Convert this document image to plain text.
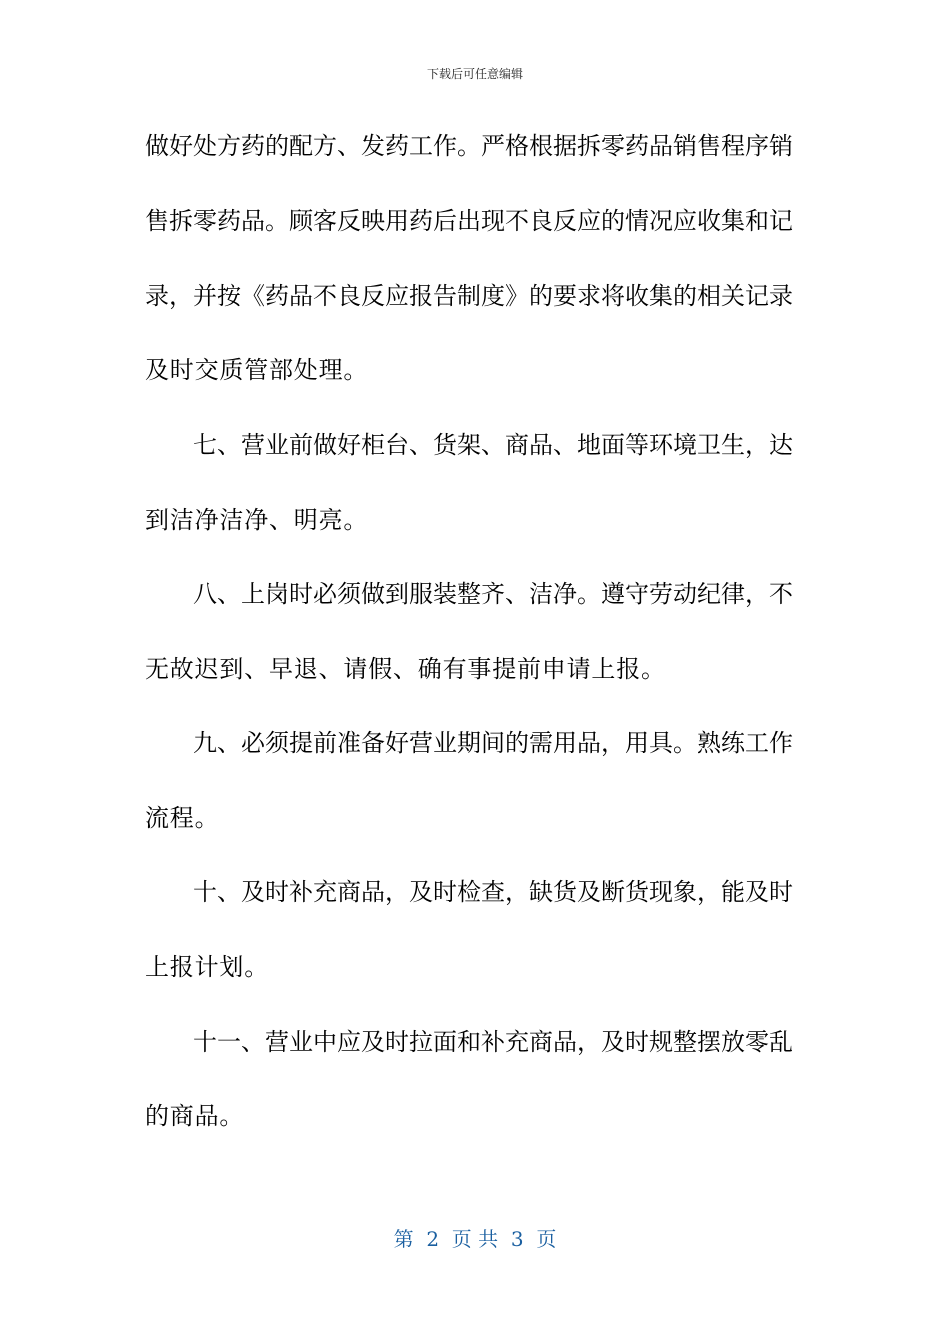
下载后可任意编辑
做好处方药的配方、发药工作。严格根据拆零药品销售程序销
售拆零药品。顾客反映用药后出现不良反应的情况应收集和记
录，并按《药品不良反应报告制度》的要求将收集的相关记录
及时交质管部处理。
七、营业前做好柜台、货架、商品、地面等环境卫生，达
到洁净洁净、明亮。
八、上岗时必须做到服装整齐、洁净。遵守劳动纪律，不
无故迟到、早退、请假、确有事提前申请上报。
九、必须提前准备好营业期间的需用品，用具。熟练工作
流程。
十、及时补充商品，及时检查，缺货及断货现象，能及时
上报计划。
十一、营业中应及时拉面和补充商品，及时规整摆放零乱
的商品。
第  2  页 共  3  页
